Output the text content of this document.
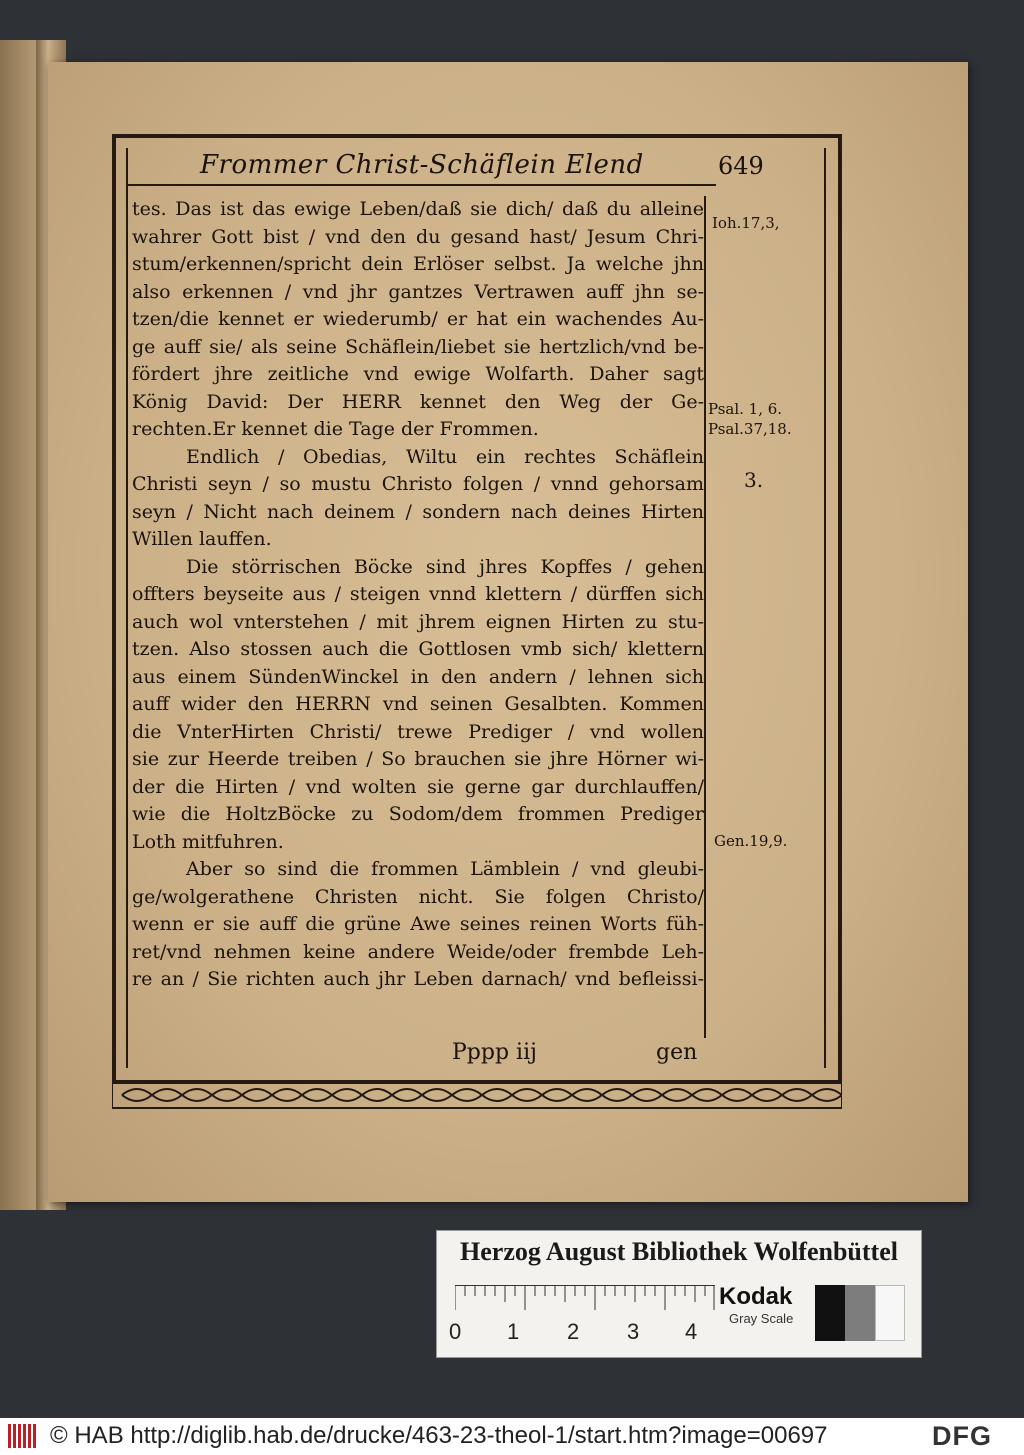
Frommer Christ-Schäflein Elend	649
tes. Das ist das ewige Leben/daß sie dich/ daß du alleine
wahrer Gott bist / vnd den du gesand hast/ Jesum Chri-
stum/erkennen/spricht dein Erlöser selbst. Ja welche jhn
also erkennen / vnd jhr gantzes Vertrawen auff jhn se-
tzen/die kennet er wiederumb/ er hat ein wachendes Au-
ge auff sie/ als seine Schäflein/liebet sie hertzlich/vnd be-
fördert jhre zeitliche vnd ewige Wolfarth. Daher sagt
König David: Der HERR kennet den Weg der Ge-
rechten.Er kennet die Tage der Frommen.
Endlich / Obedias, Wiltu ein rechtes Schäflein
Christi seyn / so mustu Christo folgen / vnnd gehorsam
seyn / Nicht nach deinem / sondern nach deines Hirten
Willen lauffen.
Die störrischen Böcke sind jhres Kopffes / gehen
offters beyseite aus / steigen vnnd klettern / dürffen sich
auch wol vnterstehen / mit jhrem eignen Hirten zu stu-
tzen. Also stossen auch die Gottlosen vmb sich/ klettern
aus einem SündenWinckel in den andern / lehnen sich
auff wider den HERRN vnd seinen Gesalbten. Kommen
die VnterHirten Christi/ trewe Prediger / vnd wollen
sie zur Heerde treiben / So brauchen sie jhre Hörner wi-
der die Hirten / vnd wolten sie gerne gar durchlauffen/
wie die HoltzBöcke zu Sodom/dem frommen Prediger
Loth mitfuhren.
Aber so sind die frommen Lämblein / vnd gleubi-
ge/wolgerathene Christen nicht. Sie folgen Christo/
wenn er sie auff die grüne Awe seines reinen Worts füh-
ret/vnd nehmen keine andere Weide/oder frembde Leh-
re an / Sie richten auch jhr Leben darnach/ vnd befleissi-
Ioh.17,3,
Psal. 1, 6.
Psal.37,18.
3.
Gen.19,9.
Pppp iij	gen
Herzog August Bibliothek Wolfenbüttel
0 1 2 3 4
Kodak
Gray Scale
© HAB http://diglib.hab.de/drucke/463-23-theol-1/start.htm?image=00697	DFG
